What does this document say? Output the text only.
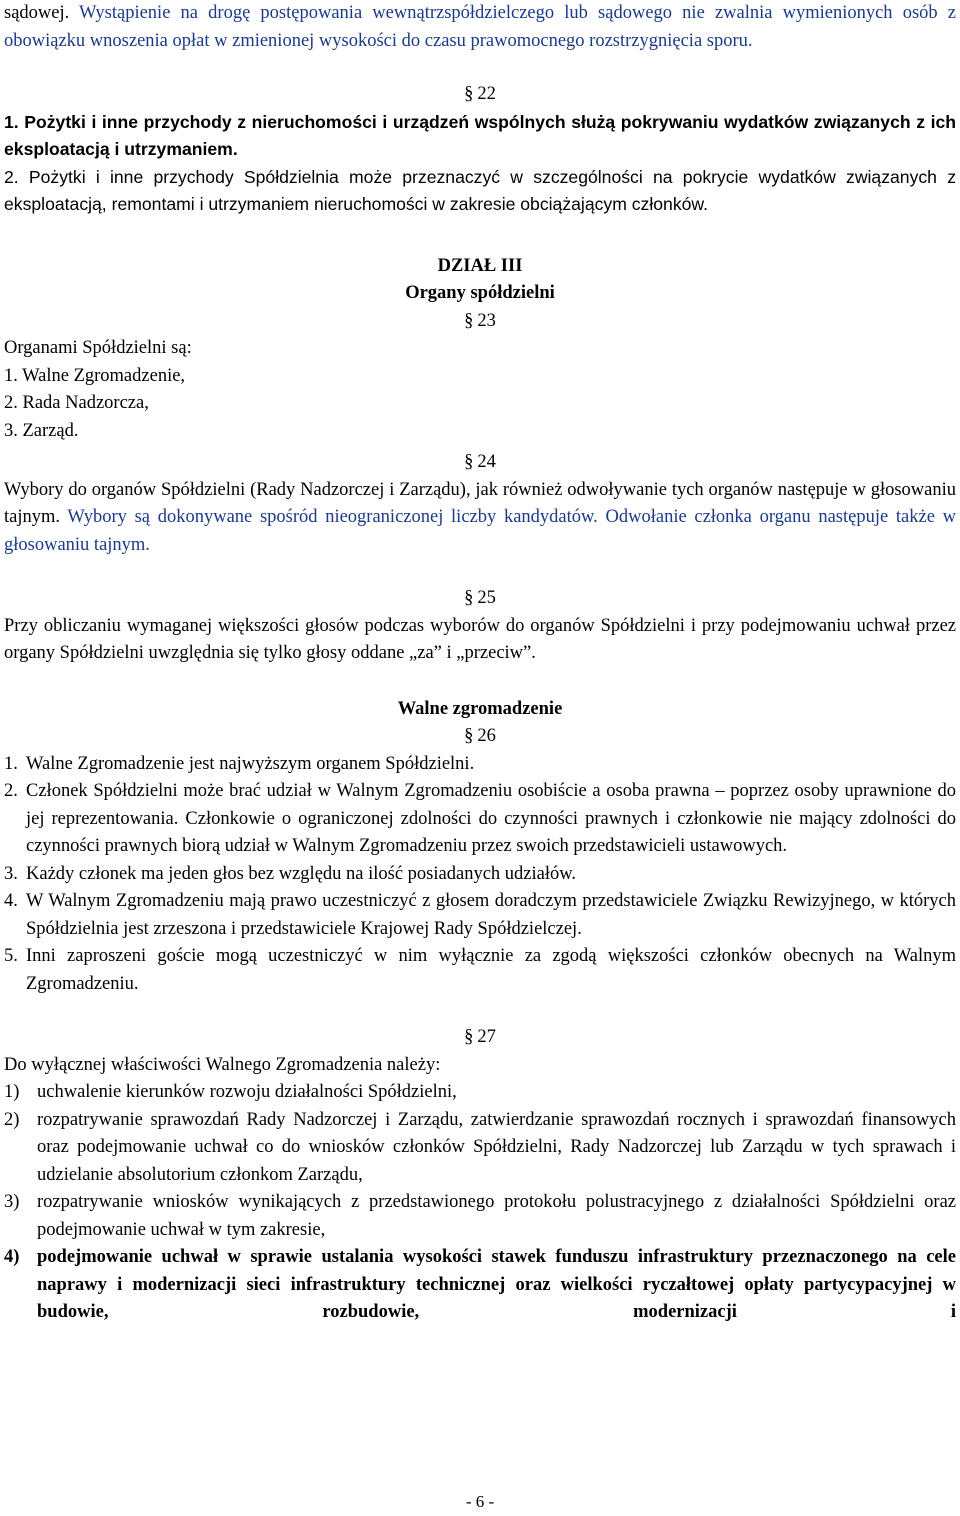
sądowej. Wystąpienie na drogę postępowania wewnątrzspółdzielczego lub sądowego nie zwalnia wymienionych osób z obowiązku wnoszenia opłat w zmienionej wysokości do czasu prawomocnego rozstrzygnięcia sporu.

§ 22

1. Pożytki i inne przychody z nieruchomości i urządzeń wspólnych służą pokrywaniu wydatków związanych z ich eksploatacją i utrzymaniem.

2. Pożytki i inne przychody Spółdzielnia może przeznaczyć w szczególności na pokrycie wydatków związanych z eksploatacją, remontami i utrzymaniem nieruchomości w zakresie obciążającym członków.

DZIAŁ III
Organy spółdzielni
§ 23

Organami Spółdzielni są:

1. Walne Zgromadzenie,

2. Rada Nadzorcza,

3. Zarząd.

§ 24

Wybory do organów Spółdzielni (Rady Nadzorczej i Zarządu), jak również odwoływanie tych organów następuje w głosowaniu tajnym. Wybory są dokonywane spośród nieograniczonej liczby kandydatów. Odwołanie członka organu następuje także w głosowaniu tajnym.

§ 25

Przy obliczaniu wymaganej większości głosów podczas wyborów do organów Spółdzielni i przy podejmowaniu uchwał przez organy Spółdzielni uwzględnia się tylko głosy oddane „za” i „przeciw”.

Walne zgromadzenie
§ 26
1. Walne Zgromadzenie jest najwyższym organem Spółdzielni.
2. Członek Spółdzielni może brać udział w Walnym Zgromadzeniu osobiście a osoba prawna – poprzez osoby uprawnione do jej reprezentowania. Członkowie o ograniczonej zdolności do czynności prawnych i członkowie nie mający zdolności do czynności prawnych biorą udział w Walnym Zgromadzeniu przez swoich przedstawicieli ustawowych.
3. Każdy członek ma jeden głos bez względu na ilość posiadanych udziałów.
4. W Walnym Zgromadzeniu mają prawo uczestniczyć z głosem doradczym przedstawiciele Związku Rewizyjnego, w których Spółdzielnia jest zrzeszona i przedstawiciele Krajowej Rady Spółdzielczej.
5. Inni zaproszeni goście mogą uczestniczyć w nim wyłącznie za zgodą większości członków obecnych na Walnym Zgromadzeniu.
§ 27

Do wyłącznej właściwości Walnego Zgromadzenia należy:

1) uchwalenie kierunków rozwoju działalności Spółdzielni,
2) rozpatrywanie sprawozdań Rady Nadzorczej i Zarządu, zatwierdzanie sprawozdań rocznych i sprawozdań finansowych oraz podejmowanie uchwał co do wniosków członków Spółdzielni, Rady Nadzorczej lub Zarządu w tych sprawach i udzielanie absolutorium członkom Zarządu,
3) rozpatrywanie wniosków wynikających z przedstawionego protokołu polustracyjnego z działalności Spółdzielni oraz podejmowanie uchwał w tym zakresie,
4) podejmowanie uchwał w sprawie ustalania wysokości stawek funduszu infrastruktury przeznaczonego na cele naprawy i modernizacji sieci infrastruktury technicznej oraz wielkości ryczałtowej opłaty partycypacyjnej w budowie, rozbudowie, modernizacji i
- 6 -
